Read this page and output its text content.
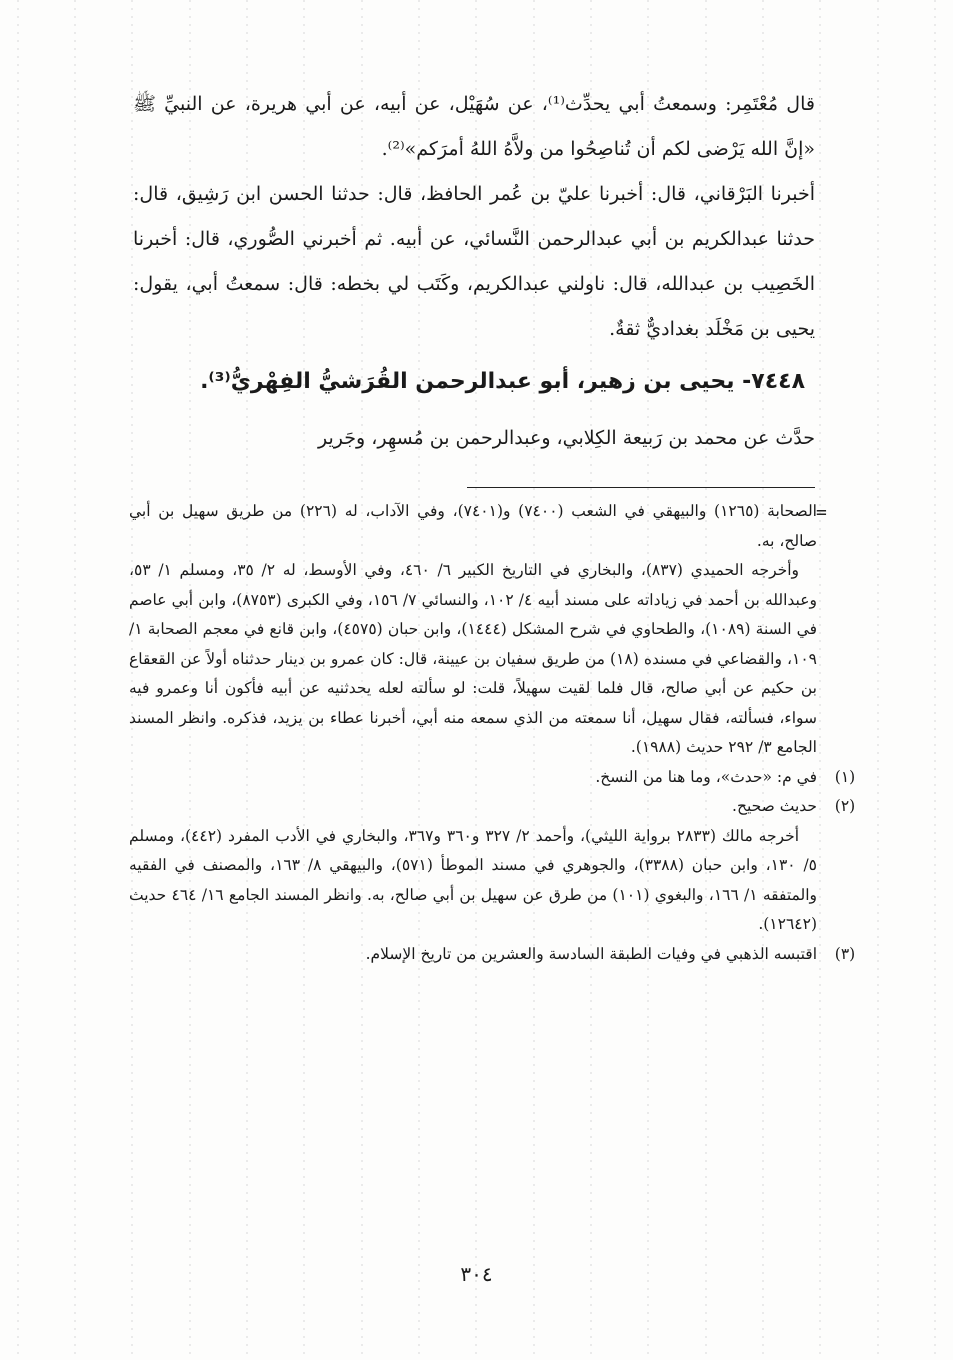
قال مُعْتَمِر: وسمعتُ أبي يحدِّث⁽¹⁾، عن سُهَيْل، عن أبيه، عن أبي هريرة، عن النبيِّ ﷺ «إنَّ الله يَرْضى لكم أن تُناصِحُوا من ولاَّهُ اللهُ أمرَكم»⁽²⁾.

أخبرنا البَرْقاني، قال: أخبرنا عليّ بن عُمر الحافظ، قال: حدثنا الحسن ابن رَشِيق، قال: حدثنا عبدالكريم بن أبي عبدالرحمن النَّسائي، عن أبيه. ثم أخبرني الصُّوري، قال: أخبرنا الخَصِيب بن عبدالله، قال: ناولني عبدالكريم، وكَتَب لي بخطه: قال: سمعتُ أبي، يقول: يحيى بن مَخْلَد بغداديٌّ ثقةٌ.

٧٤٤٨- يحيى بن زهير، أبو عبدالرحمن القُرَشيُّ الفِهْريُّ⁽³⁾.

حدَّث عن محمد بن رَبيعة الكِلابي، وعبدالرحمن بن مُسهِر، وجَرير

=

الصحابة (١٢٦٥) والبيهقي في الشعب (٧٤٠٠) و(٧٤٠١)، وفي الآداب، له (٢٢٦) من طريق سهيل بن أبي صالح، به.

وأخرجه الحميدي (٨٣٧)، والبخاري في التاريخ الكبير ٦/ ٤٦٠، وفي الأوسط، له ٢/ ٣٥، ومسلم ١/ ٥٣، وعبدالله بن أحمد في زياداته على مسند أبيه ٤/ ١٠٢، والنسائي ٧/ ١٥٦، وفي الكبرى (٨٧٥٣)، وابن أبي عاصم في السنة (١٠٨٩)، والطحاوي في شرح المشكل (١٤٤٤)، وابن حبان (٤٥٧٥)، وابن قانع في معجم الصحابة ١/ ١٠٩، والقضاعي في مسنده (١٨) من طريق سفيان بن عيينة، قال: كان عمرو بن دينار حدثناه أولاً عن القعقاع بن حكيم عن أبي صالح، قال فلما لقيت سهيلاً، قلت: لو سألته لعله يحدثنيه عن أبيه فأكون أنا وعمرو فيه سواء، فسألته، فقال سهيل، أنا سمعته من الذي سمعه منه أبي، أخبرنا عطاء بن يزيد، فذكره. وانظر المسند الجامع ٣/ ٢٩٢ حديث (١٩٨٨).

(١)

في م: «حدث»، وما هنا من النسخ.

(٢)

حديث صحيح.

أخرجه مالك (٢٨٣٣ برواية الليثي)، وأحمد ٢/ ٣٢٧ و٣٦٠ و٣٦٧، والبخاري في الأدب المفرد (٤٤٢)، ومسلم ٥/ ١٣٠، وابن حبان (٣٣٨٨)، والجوهري في مسند الموطأ (٥٧١)، والبيهقي ٨/ ١٦٣، والمصنف في الفقيه والمتفقه ١/ ١٦٦، والبغوي (١٠١) من طرق عن سهيل بن أبي صالح، به. وانظر المسند الجامع ١٦/ ٤٦٤ حديث (١٢٦٤٢).

(٣)

اقتبسه الذهبي في وفيات الطبقة السادسة والعشرين من تاريخ الإسلام.

٣٠٤
